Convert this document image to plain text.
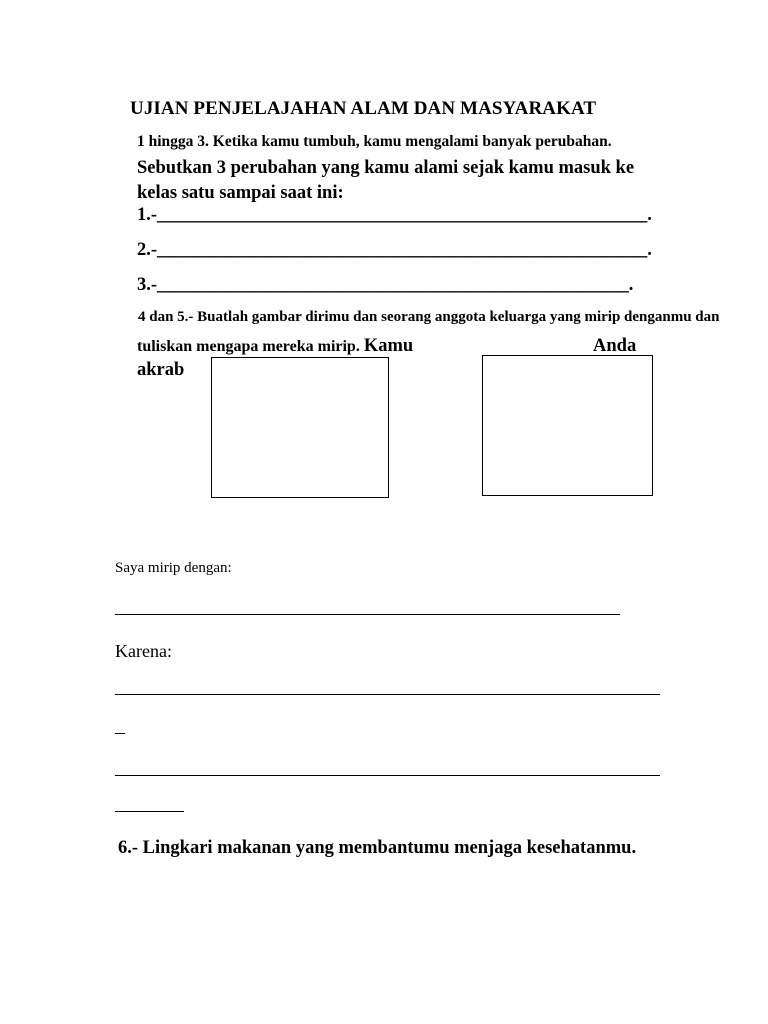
UJIAN PENJELAJAHAN ALAM DAN MASYARAKAT
1 hingga 3. Ketika kamu tumbuh, kamu mengalami banyak perubahan.
Sebutkan 3 perubahan yang kamu alami sejak kamu masuk ke
kelas satu sampai saat ini:
1.-_____________________________________________________.
2.-_____________________________________________________.
3.-___________________________________________________.
4 dan 5.- Buatlah gambar dirimu dan seorang anggota keluarga yang mirip denganmu dan
tuliskan mengapa mereka mirip. Kamu	Anda
akrab
Saya mirip dengan:
Karena:
6.- Lingkari makanan yang membantumu menjaga kesehatanmu.
